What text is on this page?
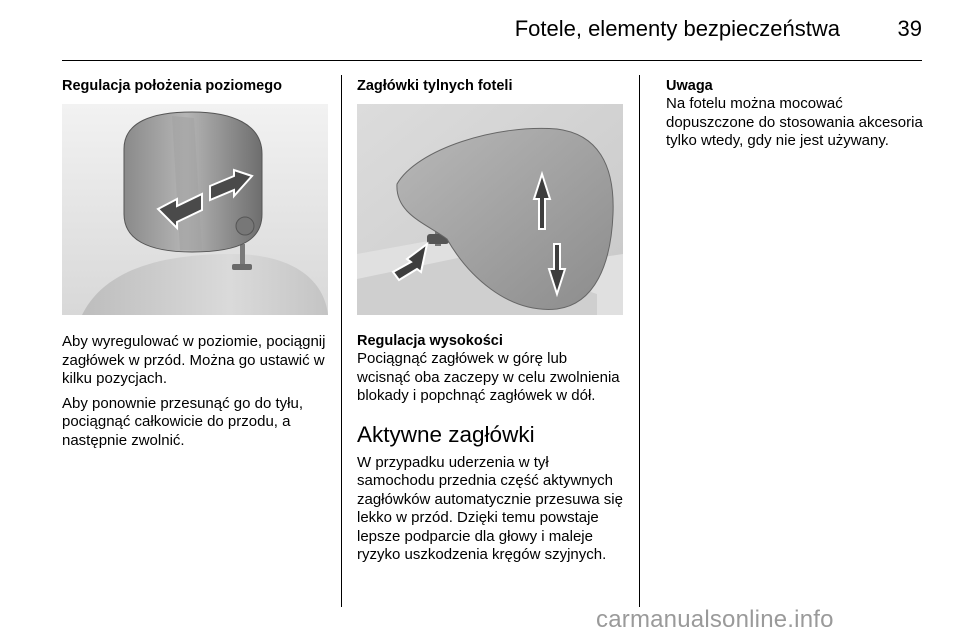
Fotele, elementy bezpieczeństwa	39
Regulacja położenia poziomego

Aby wyregulować w poziomie, pociągnij zagłówek w przód. Można go ustawić w kilku pozycjach.

Aby ponownie przesunąć go do tyłu, pociągnąć całkowicie do przodu, a następnie zwolnić.

Zagłówki tylnych foteli
Regulacja wysokości

Pociągnąć zagłówek w górę lub wcisnąć oba zaczepy w celu zwolnienia blokady i popchnąć zagłówek w dół.

Aktywne zagłówki

W przypadku uderzenia w tył samochodu przednia część aktywnych zagłówków automatycznie przesuwa się lekko w przód. Dzięki temu powstaje lepsze podparcie dla głowy i maleje ryzyko uszkodzenia kręgów szyjnych.

Uwaga

Na fotelu można mocować dopuszczone do stosowania akcesoria tylko wtedy, gdy nie jest używany.

carmanualsonline.info
